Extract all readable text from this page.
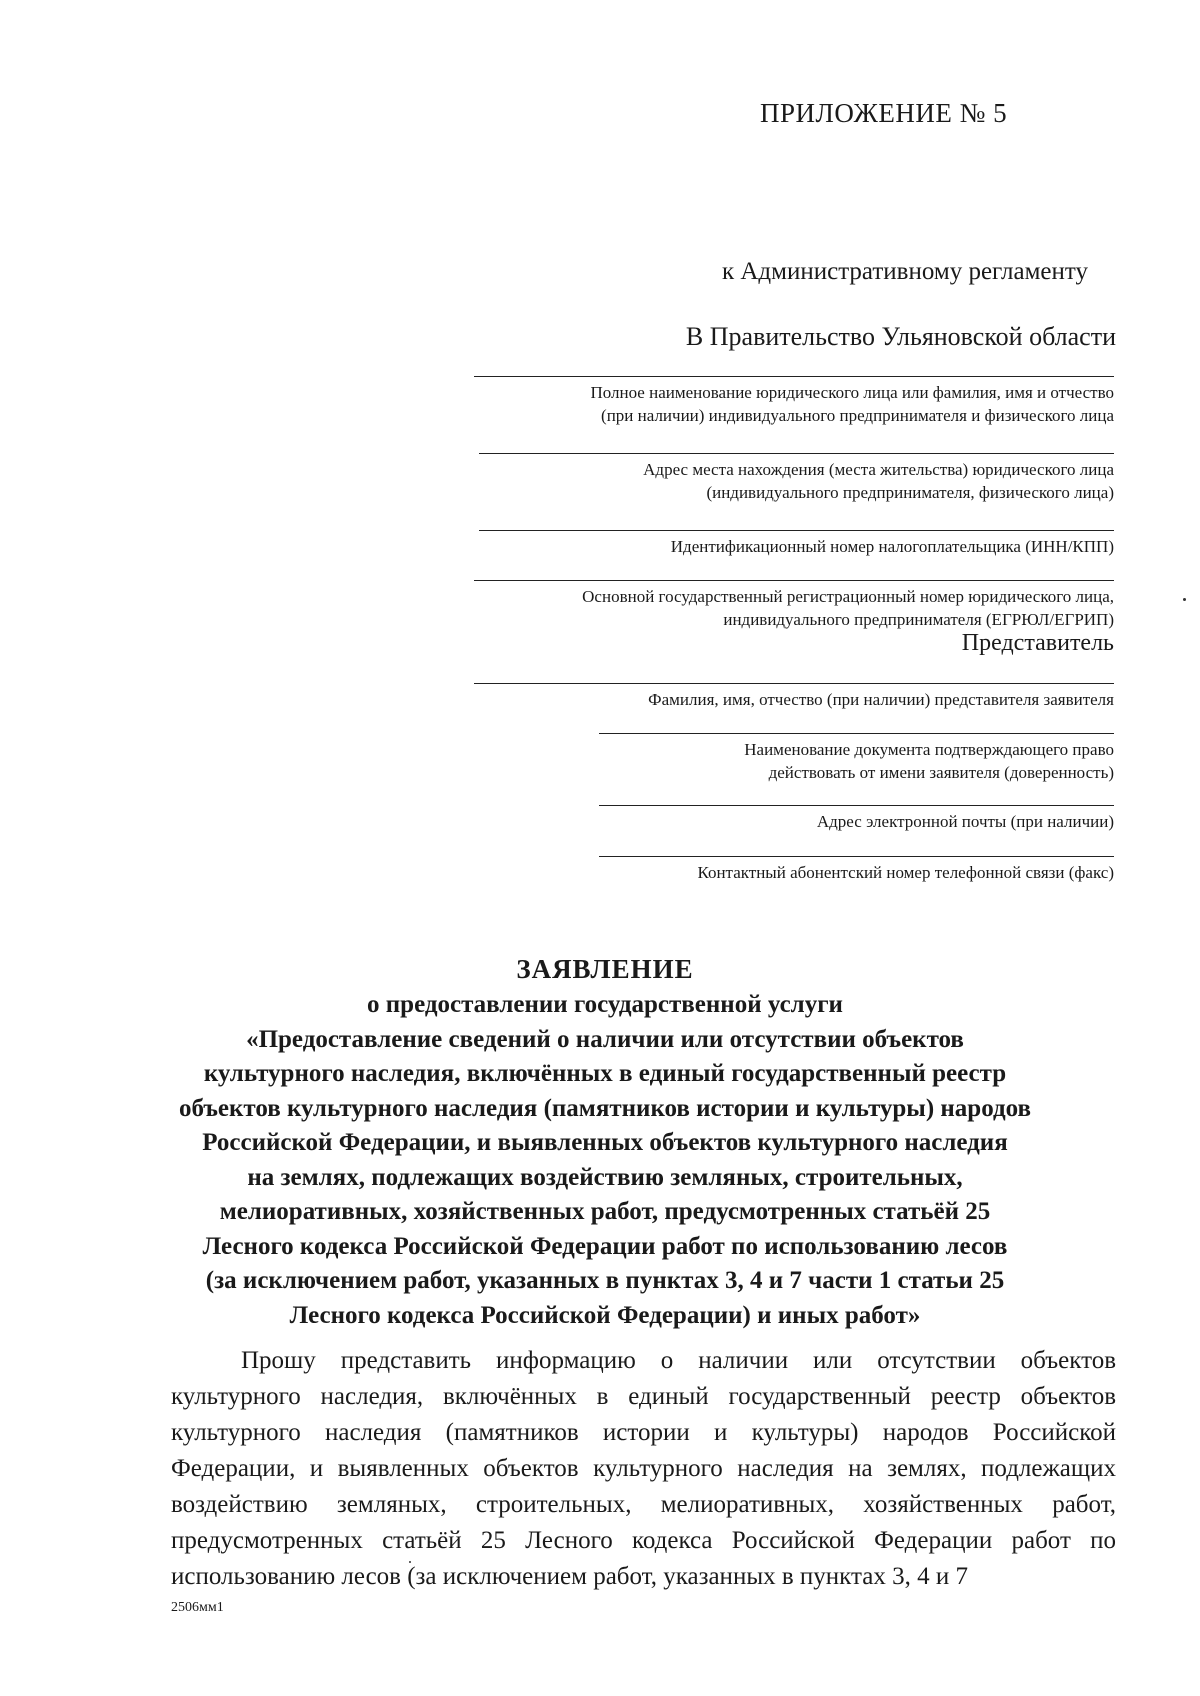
ПРИЛОЖЕНИЕ № 5
к Административному регламенту
В Правительство Ульяновской области
Полное наименование юридического лица или фамилия, имя и отчество
(при наличии) индивидуального предпринимателя и физического лица
Адрес места нахождения (места жительства) юридического лица
(индивидуального предпринимателя, физического лица)
Идентификационный номер налогоплательщика (ИНН/КПП)
Основной государственный регистрационный номер юридического лица,
индивидуального предпринимателя (ЕГРЮЛ/ЕГРИП)
Представитель
Фамилия, имя, отчество (при наличии) представителя заявителя
Наименование документа подтверждающего право
действовать от имени заявителя (доверенность)
Адрес электронной почты (при наличии)
Контактный абонентский номер телефонной связи (факс)
ЗАЯВЛЕНИЕ
о предоставлении государственной услуги
«Предоставление сведений о наличии или отсутствии объектов
культурного наследия, включённых в единый государственный реестр
объектов культурного наследия (памятников истории и культуры) народов
Российской Федерации, и выявленных объектов культурного наследия
на землях, подлежащих воздействию земляных, строительных,
мелиоративных, хозяйственных работ, предусмотренных статьёй 25
Лесного кодекса Российской Федерации работ по использованию лесов
(за исключением работ, указанных в пунктах 3, 4 и 7 части 1 статьи 25
Лесного кодекса Российской Федерации) и иных работ»
Прошу представить информацию о наличии или отсутствии объектов культурного наследия, включённых в единый государственный реестр объектов культурного наследия (памятников истории и культуры) народов Российской Федерации, и выявленных объектов культурного наследия на землях, подлежащих воздействию земляных, строительных, мелиоративных, хозяйственных работ, предусмотренных статьёй 25 Лесного кодекса Российской Федерации работ по использованию лесов (за исключением работ, указанных в пунктах 3, 4 и 7
2506мм1
